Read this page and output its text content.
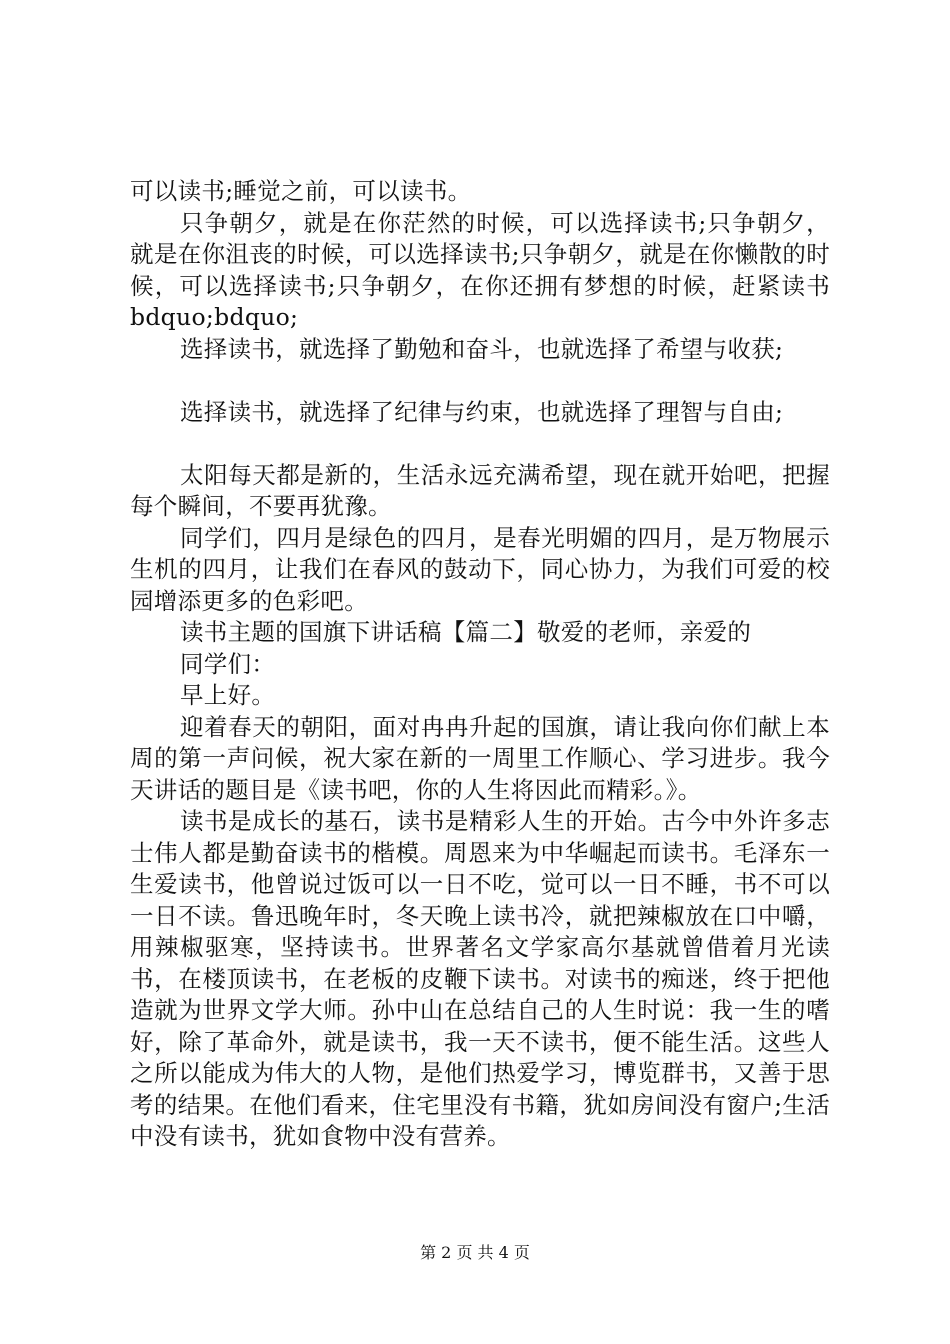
可以读书;睡觉之前，可以读书。

只争朝夕，就是在你茫然的时候，可以选择读书;只争朝夕，就是在你沮丧的时候，可以选择读书;只争朝夕，就是在你懒散的时候，可以选择读书;只争朝夕，在你还拥有梦想的时候，赶紧读书 bdquo;bdquo;

选择读书，就选择了勤勉和奋斗，也就选择了希望与收获;

选择读书，就选择了纪律与约束，也就选择了理智与自由;

太阳每天都是新的，生活永远充满希望，现在就开始吧，把握每个瞬间，不要再犹豫。

同学们，四月是绿色的四月，是春光明媚的四月，是万物展示生机的四月，让我们在春风的鼓动下，同心协力，为我们可爱的校园增添更多的色彩吧。

读书主题的国旗下讲话稿【篇二】敬爱的老师，亲爱的

同学们：

早上好。

迎着春天的朝阳，面对冉冉升起的国旗，请让我向你们献上本周的第一声问候，祝大家在新的一周里工作顺心、学习进步。我今天讲话的题目是《读书吧，你的人生将因此而精彩。》。

读书是成长的基石，读书是精彩人生的开始。古今中外许多志士伟人都是勤奋读书的楷模。周恩来为中华崛起而读书。毛泽东一生爱读书，他曾说过饭可以一日不吃，觉可以一日不睡，书不可以一日不读。鲁迅晚年时，冬天晚上读书冷，就把辣椒放在口中嚼，用辣椒驱寒，坚持读书。世界著名文学家高尔基就曾借着月光读书，在楼顶读书，在老板的皮鞭下读书。对读书的痴迷，终于把他造就为世界文学大师。孙中山在总结自己的人生时说：我一生的嗜好，除了革命外，就是读书，我一天不读书，便不能生活。这些人之所以能成为伟大的人物，是他们热爱学习，博览群书，又善于思考的结果。在他们看来，住宅里没有书籍，犹如房间没有窗户;生活中没有读书，犹如食物中没有营养。

第 2 页 共 4 页
